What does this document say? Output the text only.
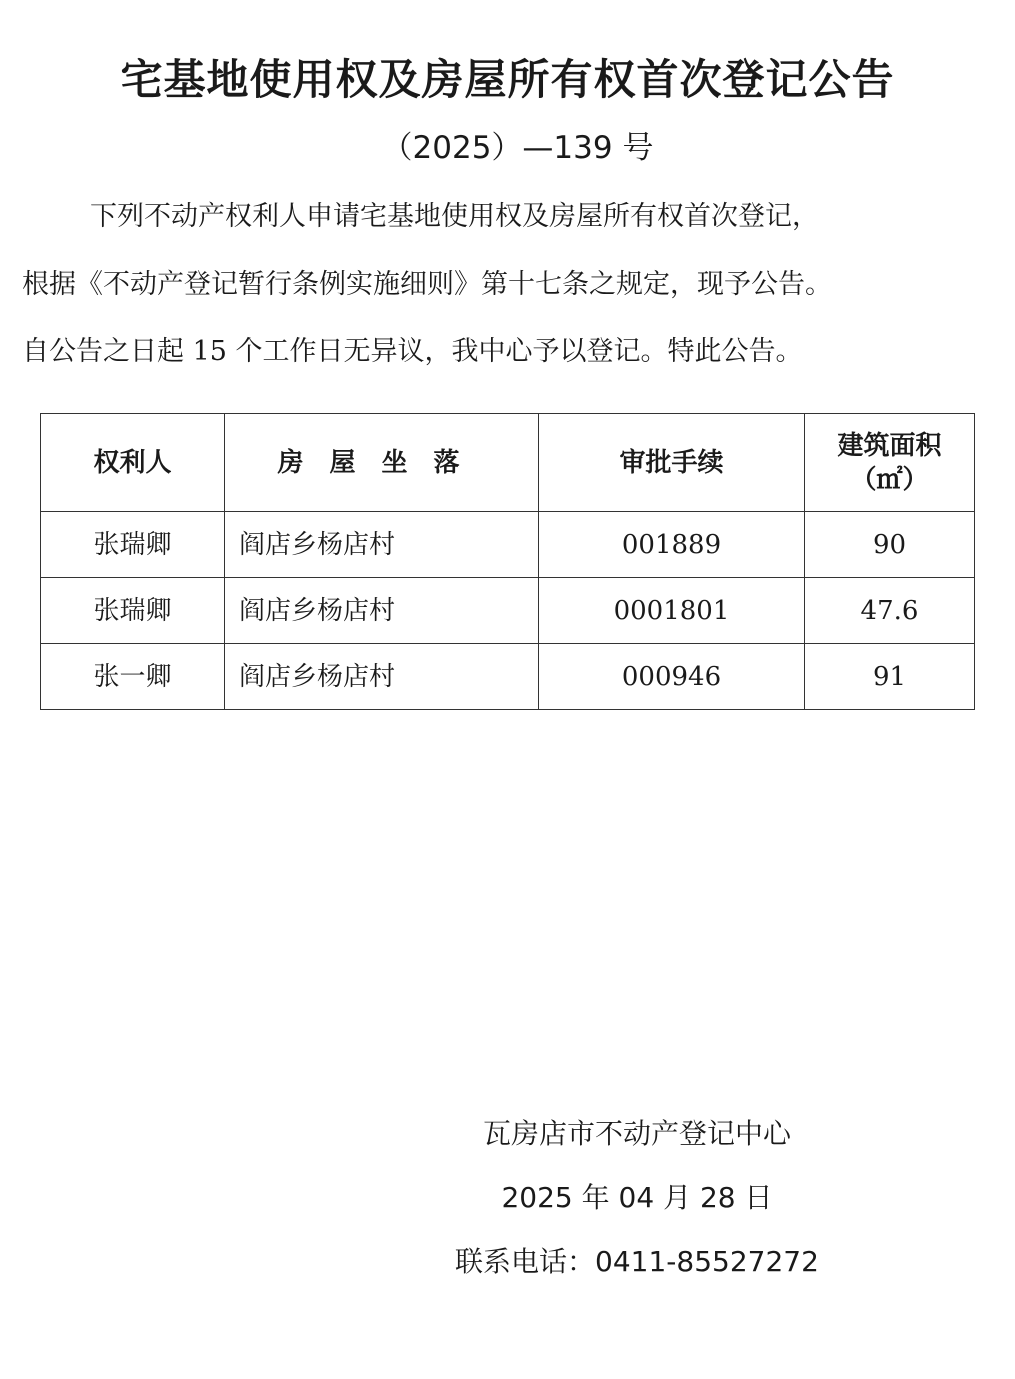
宅基地使用权及房屋所有权首次登记公告
（2025）—139 号
下列不动产权利人申请宅基地使用权及房屋所有权首次登记，
根据《不动产登记暂行条例实施细则》第十七条之规定，现予公告。
自公告之日起 15 个工作日无异议，我中心予以登记。特此公告。
权利人	房屋坐落	审批手续	建筑面积
（㎡）

张瑞卿	阎店乡杨店村	001889	90
张瑞卿	阎店乡杨店村	0001801	47.6
张一卿	阎店乡杨店村	000946	91
瓦房店市不动产登记中心
2025 年 04 月 28 日
联系电话：0411-85527272
